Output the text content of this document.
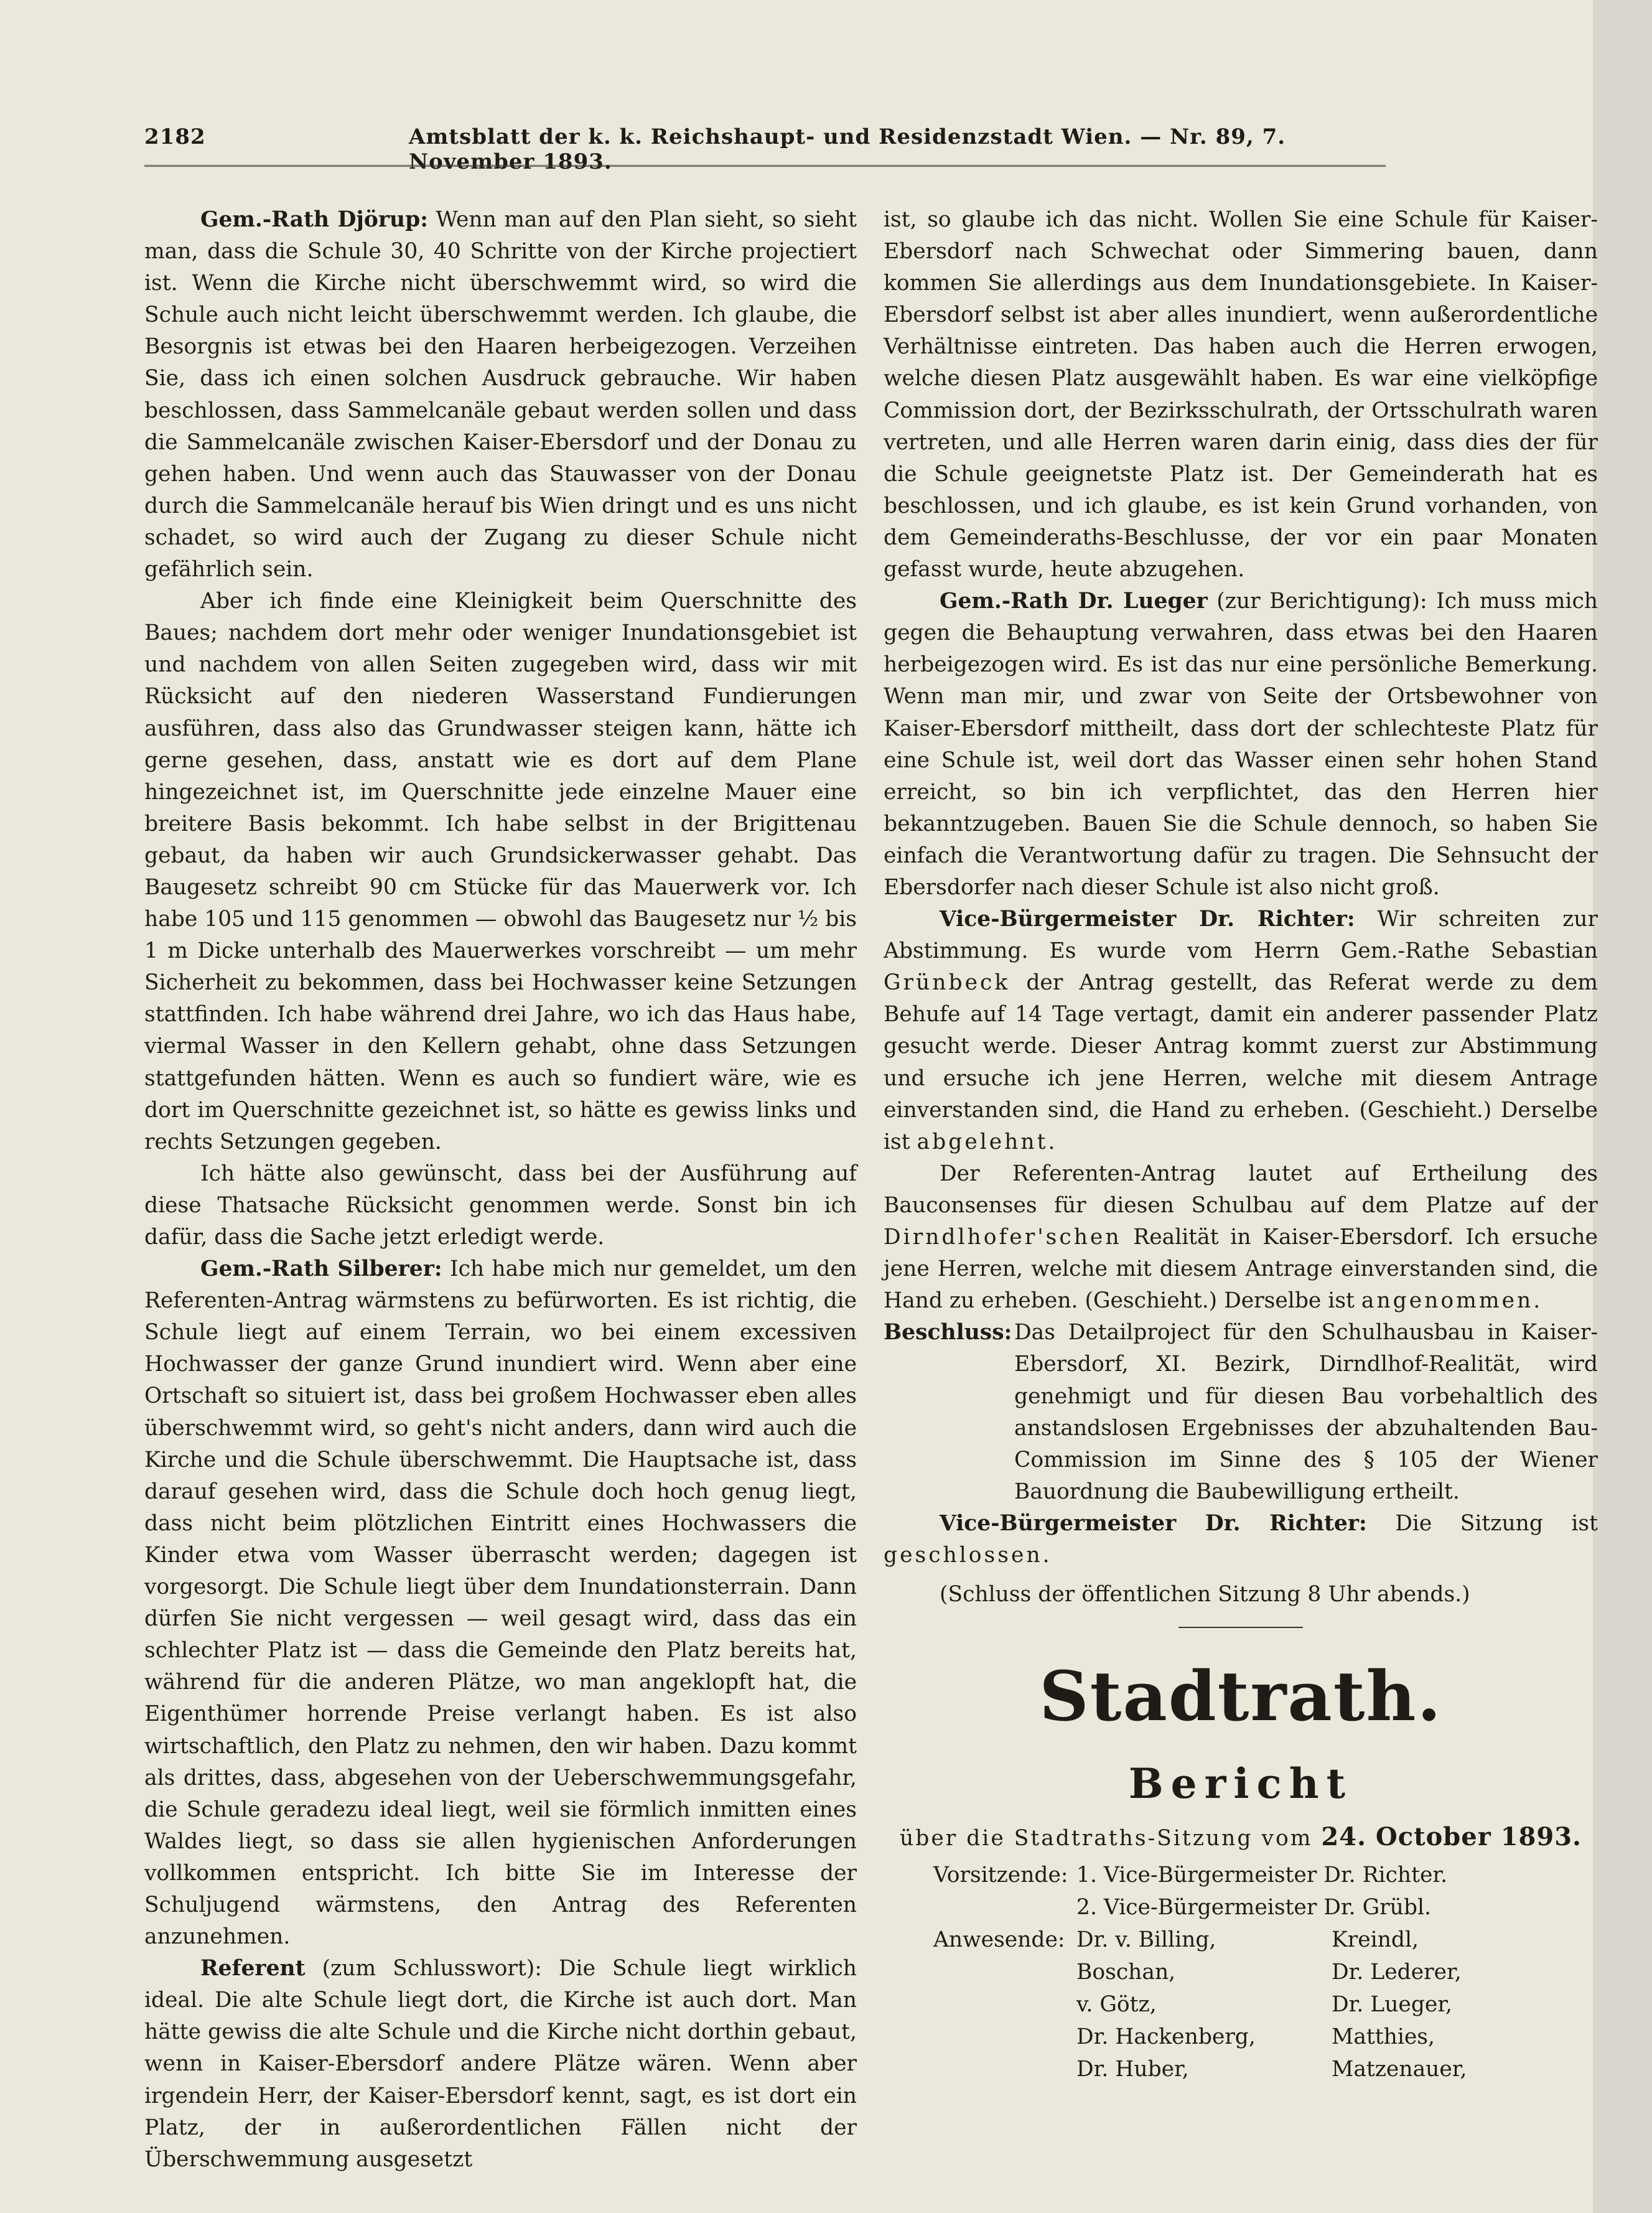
2182	Amtsblatt der k. k. Reichshaupt- und Residenzstadt Wien. — Nr. 89, 7. November 1893.

Gem.-Rath Djörup: Wenn man auf den Plan sieht, so sieht man, dass die Schule 30, 40 Schritte von der Kirche projectiert ist. Wenn die Kirche nicht überschwemmt wird, so wird die Schule auch nicht leicht überschwemmt werden. Ich glaube, die Besorgnis ist etwas bei den Haaren herbeigezogen. Verzeihen Sie, dass ich einen solchen Ausdruck gebrauche. Wir haben beschlossen, dass Sammelcanäle gebaut werden sollen und dass die Sammelcanäle zwischen Kaiser-Ebersdorf und der Donau zu gehen haben. Und wenn auch das Stauwasser von der Donau durch die Sammelcanäle herauf bis Wien dringt und es uns nicht schadet, so wird auch der Zugang zu dieser Schule nicht gefährlich sein.

Aber ich finde eine Kleinigkeit beim Querschnitte des Baues; nachdem dort mehr oder weniger Inundationsgebiet ist und nachdem von allen Seiten zugegeben wird, dass wir mit Rücksicht auf den niederen Wasserstand Fundierungen ausführen, dass also das Grundwasser steigen kann, hätte ich gerne gesehen, dass, anstatt wie es dort auf dem Plane hingezeichnet ist, im Querschnitte jede einzelne Mauer eine breitere Basis bekommt. Ich habe selbst in der Brigittenau gebaut, da haben wir auch Grundsickerwasser gehabt. Das Baugesetz schreibt 90 cm Stücke für das Mauerwerk vor. Ich habe 105 und 115 genommen — obwohl das Baugesetz nur ½ bis 1 m Dicke unterhalb des Mauerwerkes vorschreibt — um mehr Sicherheit zu bekommen, dass bei Hochwasser keine Setzungen stattfinden. Ich habe während drei Jahre, wo ich das Haus habe, viermal Wasser in den Kellern gehabt, ohne dass Setzungen stattgefunden hätten. Wenn es auch so fundiert wäre, wie es dort im Querschnitte gezeichnet ist, so hätte es gewiss links und rechts Setzungen gegeben.

Ich hätte also gewünscht, dass bei der Ausführung auf diese Thatsache Rücksicht genommen werde. Sonst bin ich dafür, dass die Sache jetzt erledigt werde.

Gem.-Rath Silberer: Ich habe mich nur gemeldet, um den Referenten-Antrag wärmstens zu befürworten. Es ist richtig, die Schule liegt auf einem Terrain, wo bei einem excessiven Hochwasser der ganze Grund inundiert wird. Wenn aber eine Ortschaft so situiert ist, dass bei großem Hochwasser eben alles überschwemmt wird, so geht's nicht anders, dann wird auch die Kirche und die Schule überschwemmt. Die Hauptsache ist, dass darauf gesehen wird, dass die Schule doch hoch genug liegt, dass nicht beim plötzlichen Eintritt eines Hochwassers die Kinder etwa vom Wasser überrascht werden; dagegen ist vorgesorgt. Die Schule liegt über dem Inundationsterrain. Dann dürfen Sie nicht vergessen — weil gesagt wird, dass das ein schlechter Platz ist — dass die Gemeinde den Platz bereits hat, während für die anderen Plätze, wo man angeklopft hat, die Eigenthümer horrende Preise verlangt haben. Es ist also wirtschaftlich, den Platz zu nehmen, den wir haben. Dazu kommt als drittes, dass, abgesehen von der Ueberschwemmungsgefahr, die Schule geradezu ideal liegt, weil sie förmlich inmitten eines Waldes liegt, so dass sie allen hygienischen Anforderungen vollkommen entspricht. Ich bitte Sie im Interesse der Schuljugend wärmstens, den Antrag des Referenten anzunehmen.

Referent (zum Schlusswort): Die Schule liegt wirklich ideal. Die alte Schule liegt dort, die Kirche ist auch dort. Man hätte gewiss die alte Schule und die Kirche nicht dorthin gebaut, wenn in Kaiser-Ebersdorf andere Plätze wären. Wenn aber irgendein Herr, der Kaiser-Ebersdorf kennt, sagt, es ist dort ein Platz, der in außerordentlichen Fällen nicht der Überschwemmung ausgesetzt

ist, so glaube ich das nicht. Wollen Sie eine Schule für Kaiser-Ebersdorf nach Schwechat oder Simmering bauen, dann kommen Sie allerdings aus dem Inundationsgebiete. In Kaiser-Ebersdorf selbst ist aber alles inundiert, wenn außerordentliche Verhältnisse eintreten. Das haben auch die Herren erwogen, welche diesen Platz ausgewählt haben. Es war eine vielköpfige Commission dort, der Bezirksschulrath, der Ortsschulrath waren vertreten, und alle Herren waren darin einig, dass dies der für die Schule geeignetste Platz ist. Der Gemeinderath hat es beschlossen, und ich glaube, es ist kein Grund vorhanden, von dem Gemeinderaths-Beschlusse, der vor ein paar Monaten gefasst wurde, heute abzugehen.

Gem.-Rath Dr. Lueger (zur Berichtigung): Ich muss mich gegen die Behauptung verwahren, dass etwas bei den Haaren herbeigezogen wird. Es ist das nur eine persönliche Bemerkung. Wenn man mir, und zwar von Seite der Ortsbewohner von Kaiser-Ebersdorf mittheilt, dass dort der schlechteste Platz für eine Schule ist, weil dort das Wasser einen sehr hohen Stand erreicht, so bin ich verpflichtet, das den Herren hier bekanntzugeben. Bauen Sie die Schule dennoch, so haben Sie einfach die Verantwortung dafür zu tragen. Die Sehnsucht der Ebersdorfer nach dieser Schule ist also nicht groß.

Vice-Bürgermeister Dr. Richter: Wir schreiten zur Abstimmung. Es wurde vom Herrn Gem.-Rathe Sebastian Grünbeck der Antrag gestellt, das Referat werde zu dem Behufe auf 14 Tage vertagt, damit ein anderer passender Platz gesucht werde. Dieser Antrag kommt zuerst zur Abstimmung und ersuche ich jene Herren, welche mit diesem Antrage einverstanden sind, die Hand zu erheben. (Geschieht.) Derselbe ist abgelehnt.

Der Referenten-Antrag lautet auf Ertheilung des Bauconsenses für diesen Schulbau auf dem Platze auf der Dirndlhofer'schen Realität in Kaiser-Ebersdorf. Ich ersuche jene Herren, welche mit diesem Antrage einverstanden sind, die Hand zu erheben. (Geschieht.) Derselbe ist angenommen.

Beschluss: Das Detailproject für den Schulhausbau in Kaiser-Ebersdorf, XI. Bezirk, Dirndlhof-Realität, wird genehmigt und für diesen Bau vorbehaltlich des anstandslosen Ergebnisses der abzuhaltenden Bau-Commission im Sinne des § 105 der Wiener Bauordnung die Baubewilligung ertheilt.

Vice-Bürgermeister Dr. Richter: Die Sitzung ist geschlossen.

(Schluss der öffentlichen Sitzung 8 Uhr abends.)

Stadtrath.
Bericht
über die Stadtraths-Sitzung vom 24. October 1893.
Vorsitzende: 1. Vice-Bürgermeister Dr. Richter.
2. Vice-Bürgermeister Dr. Grübl.
Anwesende: Dr. v. Billing,
Boschan,
v. Götz,
Dr. Hackenberg,
Dr. Huber,
Kreindl,
Dr. Lederer,
Dr. Lueger,
Matthies,
Matzenauer,
